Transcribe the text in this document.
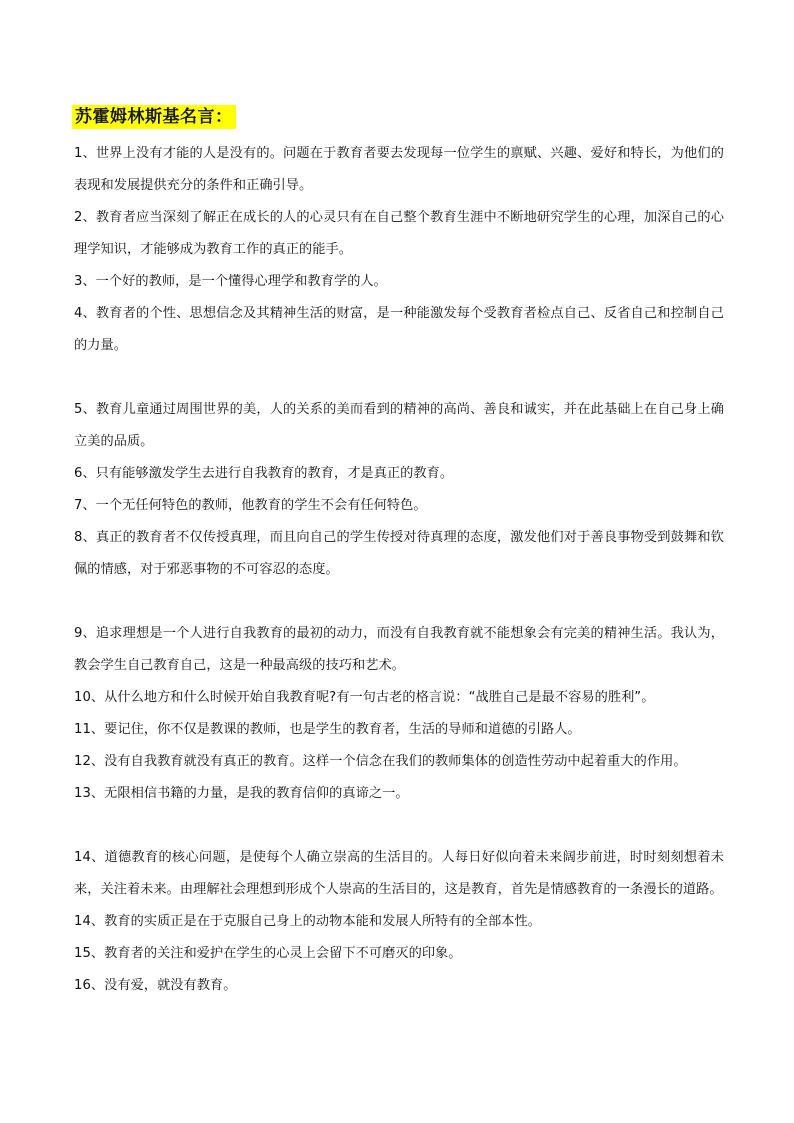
苏霍姆林斯基名言：

1、世界上没有才能的人是没有的。问题在于教育者要去发现每一位学生的禀赋、兴趣、爱好和特长，为他们的表现和发展提供充分的条件和正确引导。

2、教育者应当深刻了解正在成长的人的心灵只有在自己整个教育生涯中不断地研究学生的心理，加深自己的心理学知识，才能够成为教育工作的真正的能手。

3、一个好的教师，是一个懂得心理学和教育学的人。

4、教育者的个性、思想信念及其精神生活的财富，是一种能激发每个受教育者检点自己、反省自己和控制自己的力量。

5、教育儿童通过周围世界的美，人的关系的美而看到的精神的高尚、善良和诚实，并在此基础上在自己身上确立美的品质。

6、只有能够激发学生去进行自我教育的教育，才是真正的教育。

7、一个无任何特色的教师，他教育的学生不会有任何特色。

8、真正的教育者不仅传授真理，而且向自己的学生传授对待真理的态度，激发他们对于善良事物受到鼓舞和钦佩的情感，对于邪恶事物的不可容忍的态度。

9、追求理想是一个人进行自我教育的最初的动力，而没有自我教育就不能想象会有完美的精神生活。我认为，教会学生自己教育自己，这是一种最高级的技巧和艺术。

10、从什么地方和什么时候开始自我教育呢?有一句古老的格言说：“战胜自己是最不容易的胜利”。

11、要记住，你不仅是教课的教师，也是学生的教育者，生活的导师和道德的引路人。

12、没有自我教育就没有真正的教育。这样一个信念在我们的教师集体的创造性劳动中起着重大的作用。

13、无限相信书籍的力量，是我的教育信仰的真谛之一。

14、道德教育的核心问题，是使每个人确立崇高的生活目的。人每日好似向着未来阔步前进，时时刻刻想着未来，关注着未来。由理解社会理想到形成个人崇高的生活目的，这是教育，首先是情感教育的一条漫长的道路。

14、教育的实质正是在于克服自己身上的动物本能和发展人所特有的全部本性。

15、教育者的关注和爱护在学生的心灵上会留下不可磨灭的印象。

16、没有爱，就没有教育。
